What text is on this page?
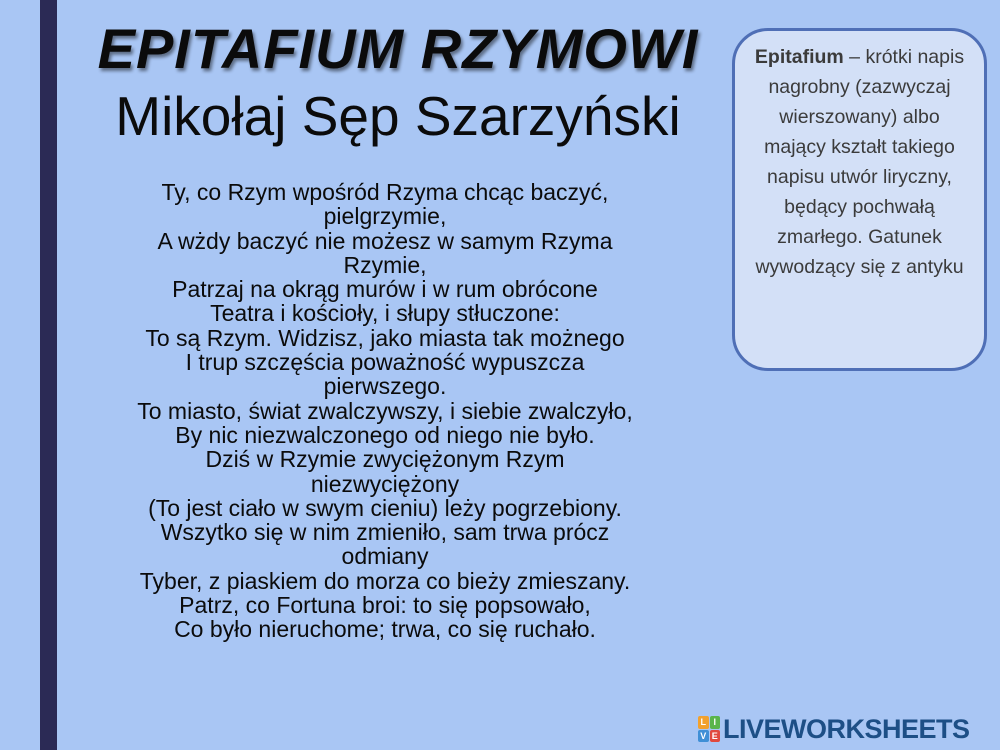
EPITAFIUM RZYMOWI
Mikołaj Sęp Szarzyński
Ty, co Rzym wpośród Rzyma chcąc baczyć,
pielgrzymie,
A wżdy baczyć nie możesz w samym Rzyma
Rzymie,
Patrzaj na okrąg murów i w rum obrócone
Teatra i kościoły, i słupy stłuczone:
To są Rzym. Widzisz, jako miasta tak możnego
I trup szczęścia poważność wypuszcza
pierwszego.
To miasto, świat zwalczywszy, i siebie zwalczyło,
By nic niezwalczonego od niego nie było.
Dziś w Rzymie zwyciężonym Rzym
niezwyciężony
(To jest ciało w swym cieniu) leży pogrzebiony.
Wszytko się w nim zmieniło, sam trwa prócz
odmiany
Tyber, z piaskiem do morza co bieży zmieszany.
Patrz, co Fortuna broi: to się popsowało,
Co było nieruchome; trwa, co się ruchało.
Epitafium – krótki napis nagrobny (zazwyczaj wierszowany) albo mający kształt takiego napisu utwór liryczny, będący pochwałą zmarłego. Gatunek wywodzący się z antyku
L I
V E LIVEWORKSHEETS
